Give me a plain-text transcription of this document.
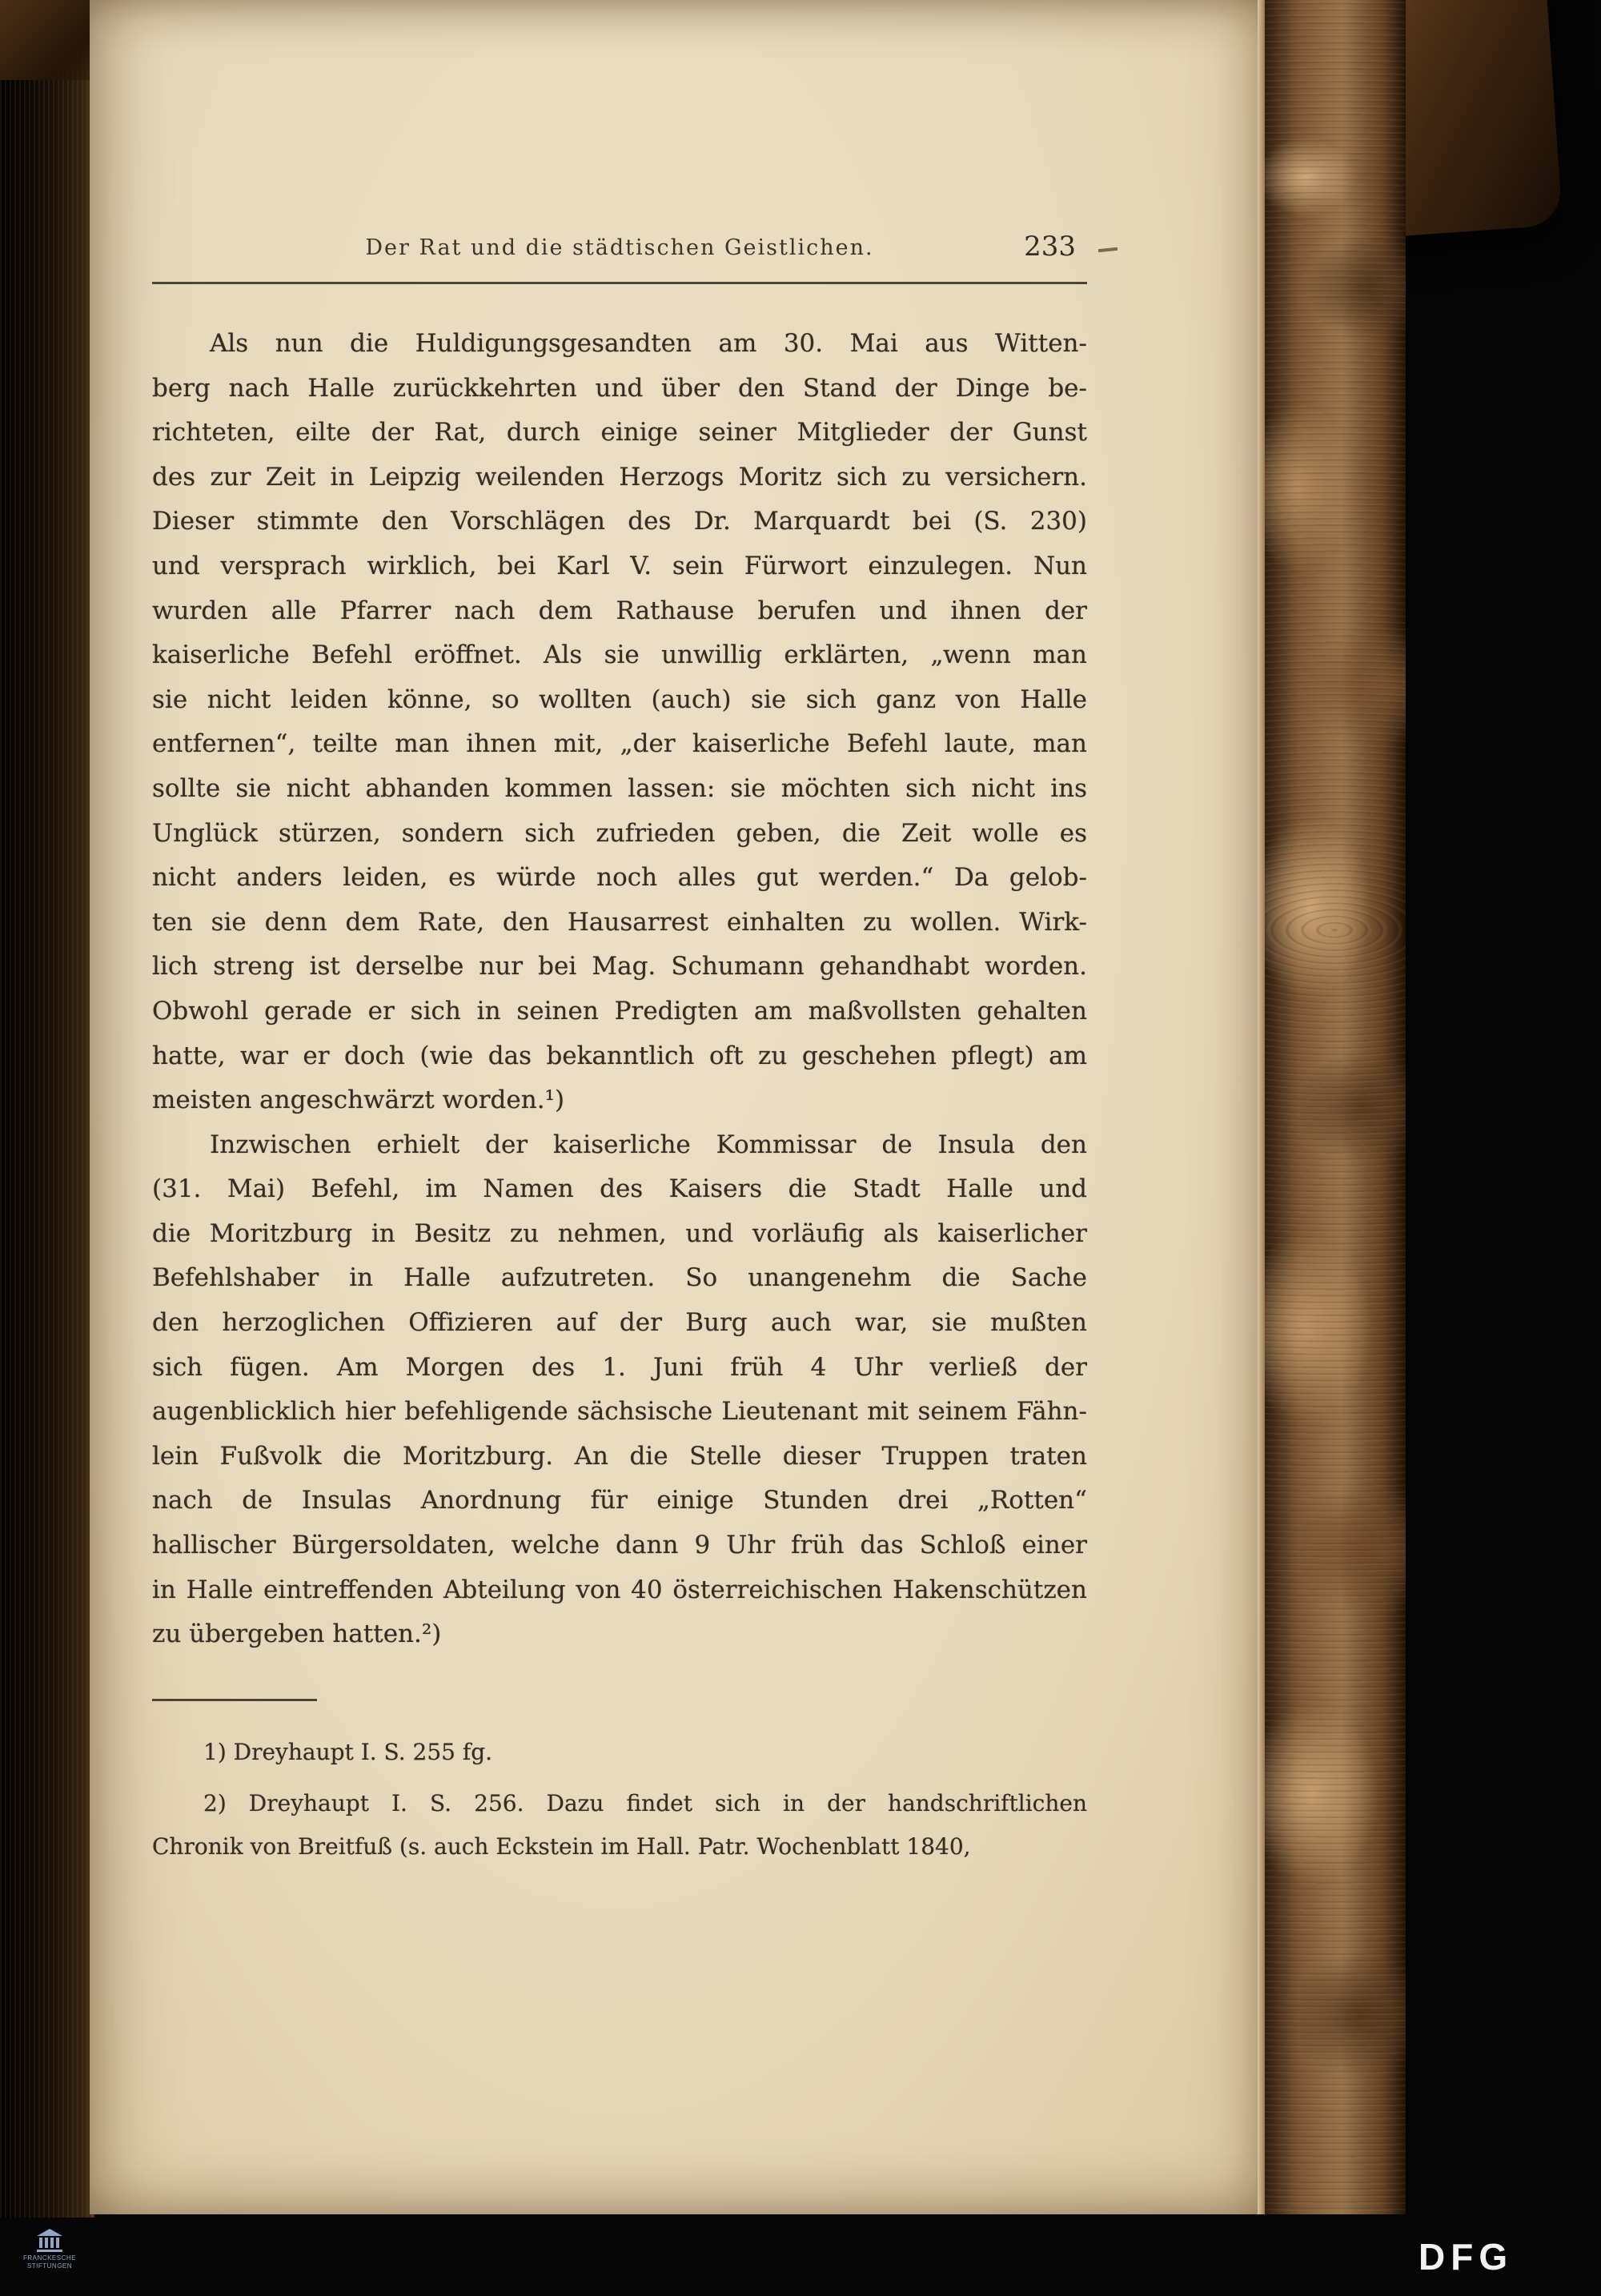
Der Rat und die städtischen Geistlichen.	233
Als nun die Huldigungsgesandten am 30. Mai aus Witten-
berg nach Halle zurückkehrten und über den Stand der Dinge be-
richteten, eilte der Rat, durch einige seiner Mitglieder der Gunst
des zur Zeit in Leipzig weilenden Herzogs Moritz sich zu versichern.
Dieser stimmte den Vorschlägen des Dr. Marquardt bei (S. 230)
und versprach wirklich, bei Karl V. sein Fürwort einzulegen. Nun
wurden alle Pfarrer nach dem Rathause berufen und ihnen der
kaiserliche Befehl eröffnet. Als sie unwillig erklärten, „wenn man
sie nicht leiden könne, so wollten (auch) sie sich ganz von Halle
entfernen“, teilte man ihnen mit, „der kaiserliche Befehl laute, man
sollte sie nicht abhanden kommen lassen: sie möchten sich nicht ins
Unglück stürzen, sondern sich zufrieden geben, die Zeit wolle es
nicht anders leiden, es würde noch alles gut werden.“ Da gelob-
ten sie denn dem Rate, den Hausarrest einhalten zu wollen. Wirk-
lich streng ist derselbe nur bei Mag. Schumann gehandhabt worden.
Obwohl gerade er sich in seinen Predigten am maßvollsten gehalten
hatte, war er doch (wie das bekanntlich oft zu geschehen pflegt) am
meisten angeschwärzt worden.¹)
Inzwischen erhielt der kaiserliche Kommissar de Insula den
(31. Mai) Befehl, im Namen des Kaisers die Stadt Halle und
die Moritzburg in Besitz zu nehmen, und vorläufig als kaiserlicher
Befehlshaber in Halle aufzutreten. So unangenehm die Sache
den herzoglichen Offizieren auf der Burg auch war, sie mußten
sich fügen. Am Morgen des 1. Juni früh 4 Uhr verließ der
augenblicklich hier befehligende sächsische Lieutenant mit seinem Fähn-
lein Fußvolk die Moritzburg. An die Stelle dieser Truppen traten
nach de Insulas Anordnung für einige Stunden drei „Rotten“
hallischer Bürgersoldaten, welche dann 9 Uhr früh das Schloß einer
in Halle eintreffenden Abteilung von 40 österreichischen Hakenschützen
zu übergeben hatten.²)
1) Dreyhaupt I. S. 255 fg.
2) Dreyhaupt I. S. 256. Dazu findet sich in der handschriftlichen
Chronik von Breitfuß (s. auch Eckstein im Hall. Patr. Wochenblatt 1840,
FRANCKESCHE
STIFTUNGEN	DFG
